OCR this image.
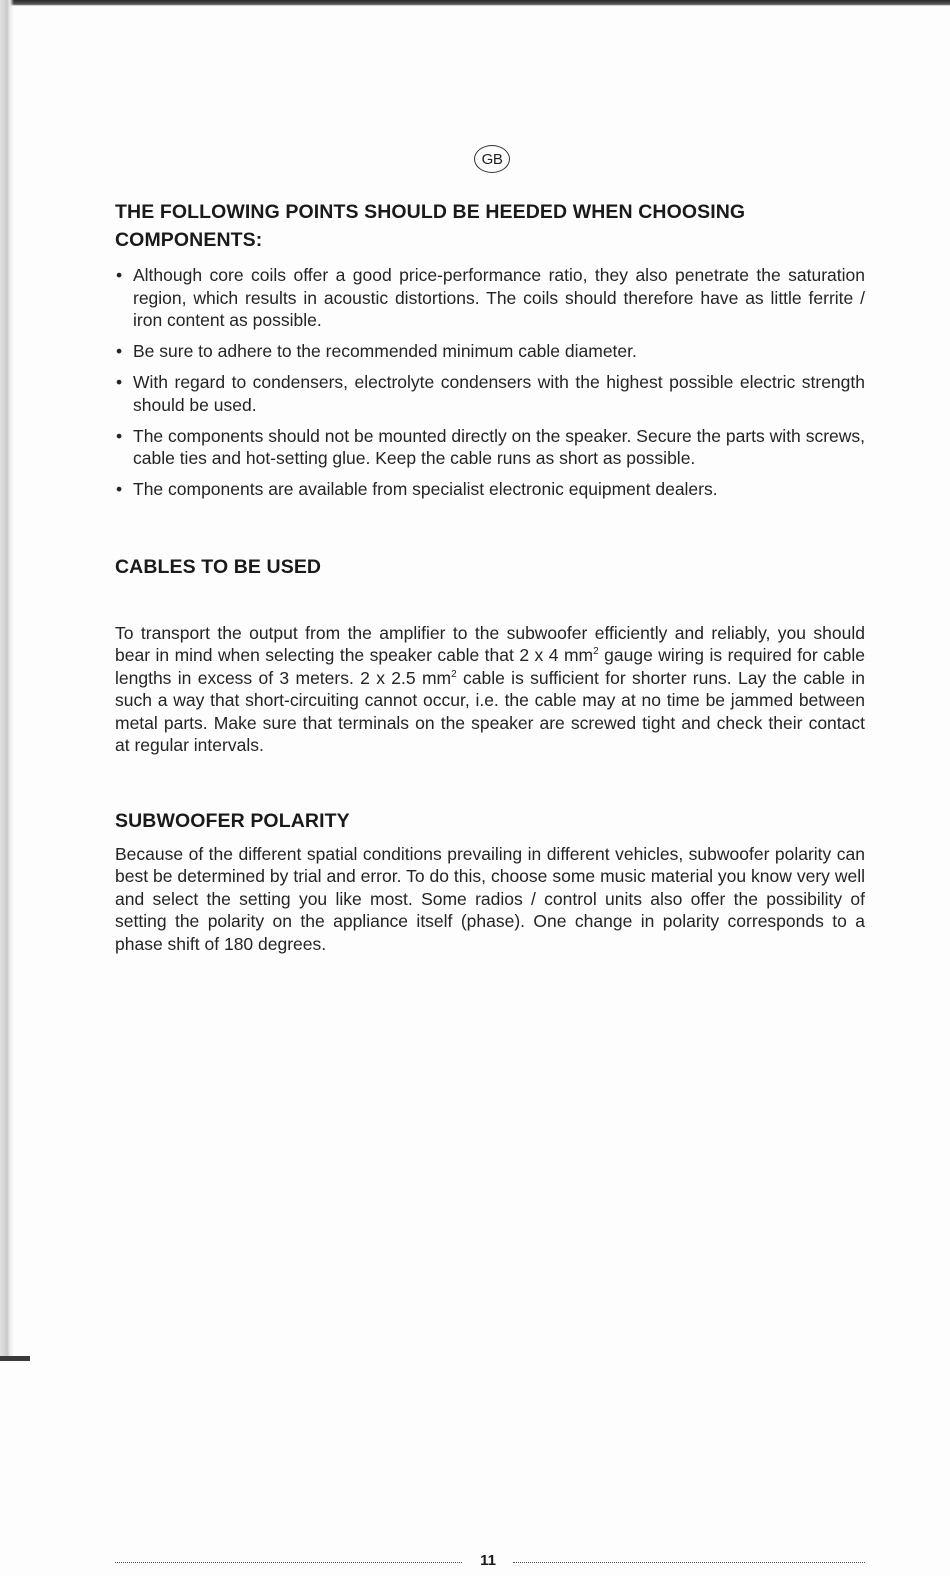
GB
THE FOLLOWING POINTS SHOULD BE HEEDED WHEN CHOOSING COMPONENTS:
• Although core coils offer a good price-performance ratio, they also penetrate the saturation region, which results in acoustic distortions. The coils should therefore have as little ferrite / iron content as possible.
• Be sure to adhere to the recommended minimum cable diameter.
• With regard to condensers, electrolyte condensers with the highest possible electric strength should be used.
• The components should not be mounted directly on the speaker. Secure the parts with screws, cable ties and hot-setting glue. Keep the cable runs as short as possible.
• The components are available from specialist electronic equipment dealers.
CABLES TO BE USED

To transport the output from the amplifier to the subwoofer efficiently and reliably, you should bear in mind when selecting the speaker cable that 2 x 4 $mm^2$ gauge wiring is required for cable lengths in excess of 3 meters. 2 x 2.5 $mm^2$ cable is sufficient for shorter runs. Lay the cable in such a way that short-circuiting cannot occur, i.e. the cable may at no time be jammed between metal parts. Make sure that terminals on the speaker are screwed tight and check their contact at regular intervals.

SUBWOOFER POLARITY

Because of the different spatial conditions prevailing in different vehicles, subwoofer polarity can best be determined by trial and error. To do this, choose some music material you know very well and select the setting you like most. Some radios / control units also offer the possibility of setting the polarity on the appliance itself (phase). One change in polarity corresponds to a phase shift of 180 degrees.

11
